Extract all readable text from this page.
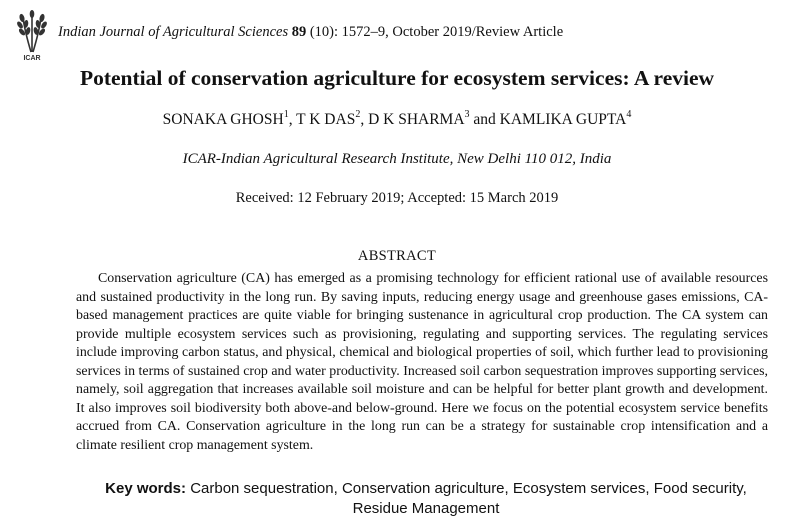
ICAR
Indian Journal of Agricultural Sciences 89 (10): 1572–9, October 2019/Review Article
Potential of conservation agriculture for ecosystem services: A review
SONAKA GHOSH$^1$, T K DAS$^2$, D K SHARMA$^3$ and KAMLIKA GUPTA$^4$
ICAR-Indian Agricultural Research Institute, New Delhi 110 012, India
Received: 12 February 2019; Accepted: 15 March 2019
ABSTRACT
Conservation agriculture (CA) has emerged as a promising technology for efficient rational use of available resources and sustained productivity in the long run. By saving inputs, reducing energy usage and greenhouse gases emissions, CA-based management practices are quite viable for bringing sustenance in agricultural crop production. The CA system can provide multiple ecosystem services such as provisioning, regulating and supporting services. The regulating services include improving carbon status, and physical, chemical and biological properties of soil, which further lead to provisioning services in terms of sustained crop and water productivity. Increased soil carbon sequestration improves supporting services, namely, soil aggregation that increases available soil moisture and can be helpful for better plant growth and development. It also improves soil biodiversity both above-and below-ground. Here we focus on the potential ecosystem service benefits accrued from CA. Conservation agriculture in the long run can be a strategy for sustainable crop intensification and a climate resilient crop management system.
Key words: Carbon sequestration, Conservation agriculture, Ecosystem services, Food security, Residue Management
